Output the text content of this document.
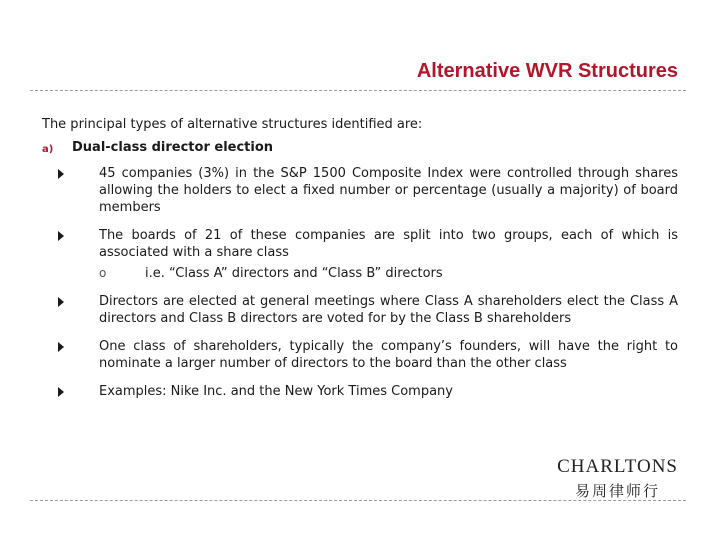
Alternative WVR Structures

The principal types of alternative structures identified are:

a) Dual-class director election
45 companies (3%) in the S&P 1500 Composite Index were controlled through shares allowing the holders to elect a fixed number or percentage (usually a majority) of board members
The boards of 21 of these companies are split into two groups, each of which is associated with a share class
o	i.e. “Class A” directors and “Class B” directors
Directors are elected at general meetings where Class A shareholders elect the Class A directors and Class B directors are voted for by the Class B shareholders
One class of shareholders, typically the company’s founders, will have the right to nominate a larger number of directors to the board than the other class
Examples: Nike Inc. and the New York Times Company
CHARLTONS
易周律师行
